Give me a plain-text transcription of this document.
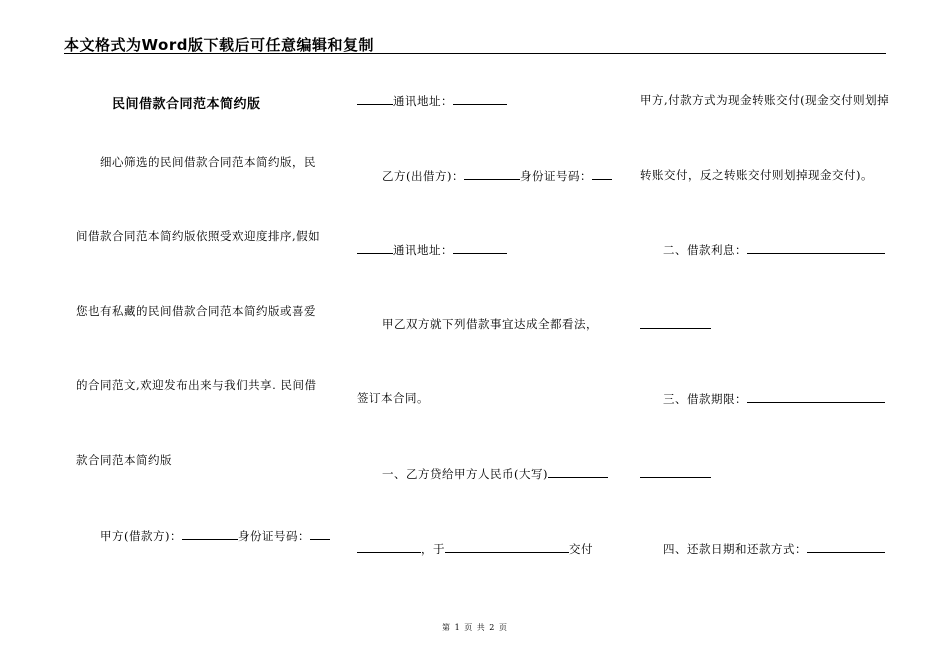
本文格式为Word版下载后可任意编辑和复制
民间借款合同范本简约版
细心筛选的民间借款合同范本简约版，民
间借款合同范本简约版依照受欢迎度排序,假如
您也有私藏的民间借款合同范本简约版或喜爱
的合同范文,欢迎发布出来与我们共享. 民间借
款合同范本简约版
甲方(借款方)：	身份证号码：
通讯地址：
乙方(出借方)：	身份证号码：
通讯地址：
甲乙双方就下列借款事宜达成全都看法，
签订本合同。
一、乙方贷给甲方人民币(大写)
，于	交付
甲方,付款方式为现金转账交付(现金交付则划掉
转账交付，反之转账交付则划掉现金交付)。
二、借款利息：
三、借款期限：
四、还款日期和还款方式：
第 1 页 共 2 页
